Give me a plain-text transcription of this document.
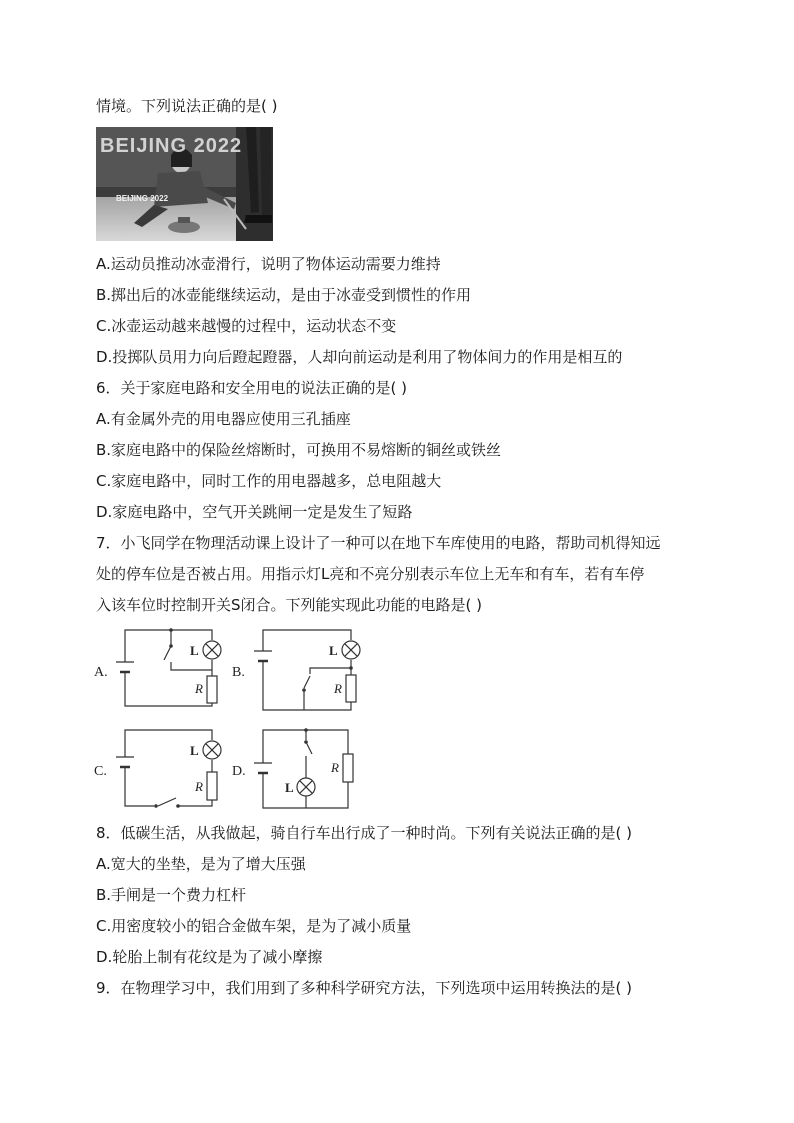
情境。下列说法正确的是( )
BEIJING 2022
BEIJING 2022
A.运动员推动冰壶滑行，说明了物体运动需要力维持
B.掷出后的冰壶能继续运动，是由于冰壶受到惯性的作用
C.冰壶运动越来越慢的过程中，运动状态不变
D.投掷队员用力向后蹬起蹬器，人却向前运动是利用了物体间力的作用是相互的
6．关于家庭电路和安全用电的说法正确的是( )
A.有金属外壳的用电器应使用三孔插座
B.家庭电路中的保险丝熔断时，可换用不易熔断的铜丝或铁丝
C.家庭电路中，同时工作的用电器越多，总电阻越大
D.家庭电路中，空气开关跳闸一定是发生了短路
7．小飞同学在物理活动课上设计了一种可以在地下车库使用的电路，帮助司机得知远
处的停车位是否被占用。用指示灯L亮和不亮分别表示车位上无车和有车，若有车停
入该车位时控制开关S闭合。下列能实现此功能的电路是( )
A.
L
R
B.
L
R
C.
L
R
D.
L
R
8．低碳生活，从我做起，骑自行车出行成了一种时尚。下列有关说法正确的是( )
A.宽大的坐垫，是为了增大压强
B.手闸是一个费力杠杆
C.用密度较小的铝合金做车架，是为了减小质量
D.轮胎上制有花纹是为了减小摩擦
9．在物理学习中，我们用到了多种科学研究方法，下列选项中运用转换法的是( )
